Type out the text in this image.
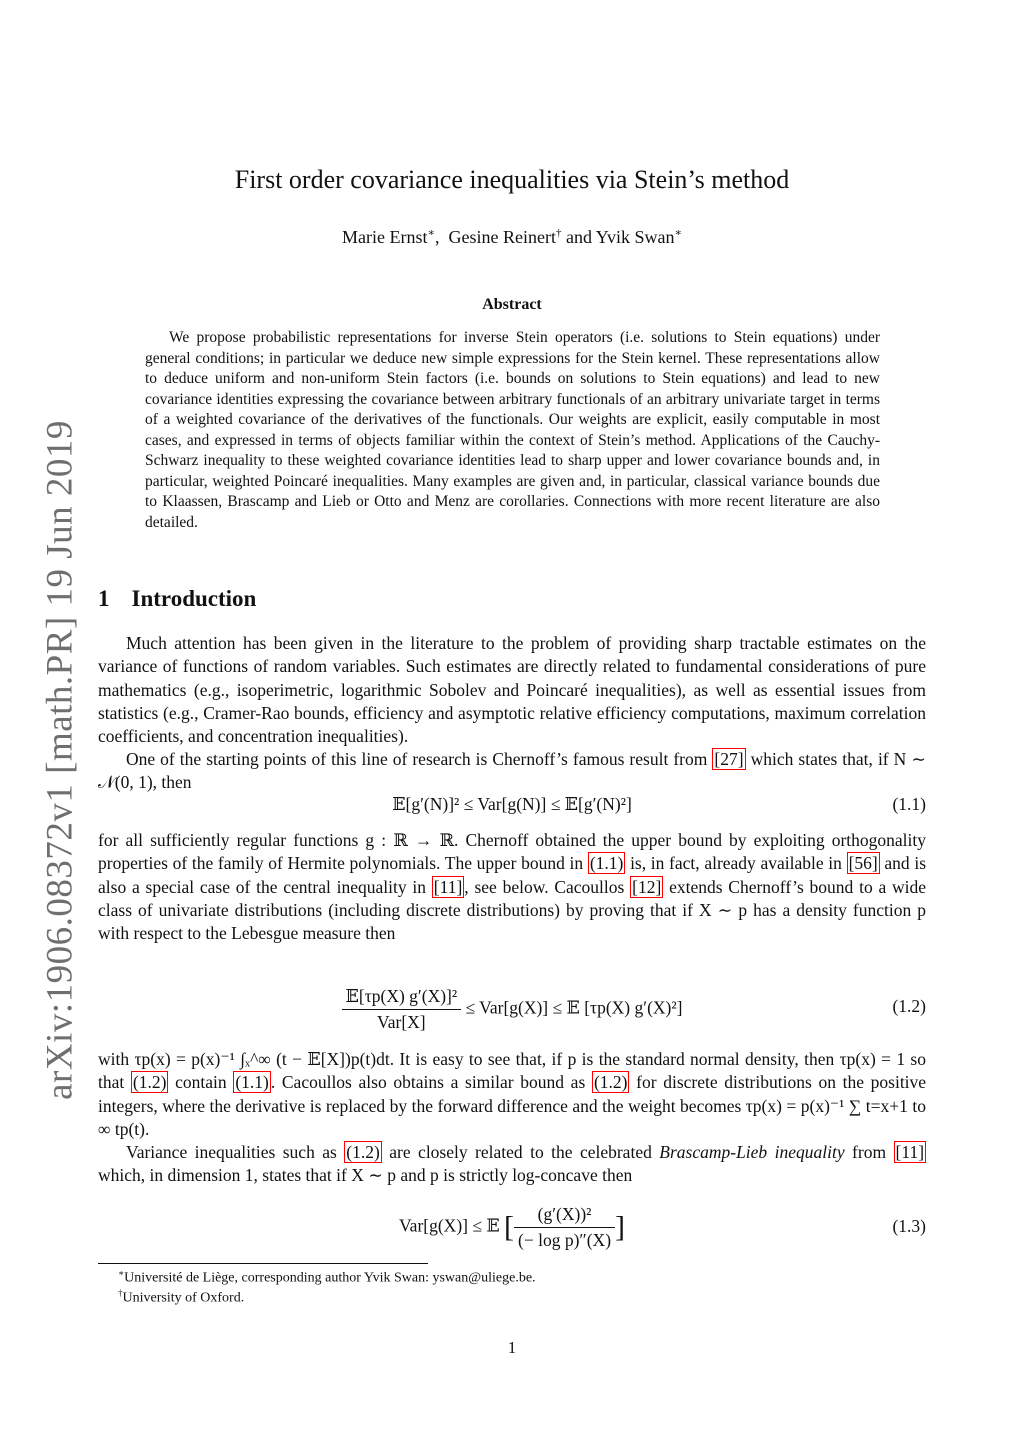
arXiv:1906.08372v1 [math.PR] 19 Jun 2019
First order covariance inequalities via Stein’s method
Marie Ernst∗,  Gesine Reinert† and Yvik Swan∗
Abstract

We propose probabilistic representations for inverse Stein operators (i.e. solutions to Stein equations) under general conditions; in particular we deduce new simple expressions for the Stein kernel. These representations allow to deduce uniform and non-uniform Stein factors (i.e. bounds on solutions to Stein equations) and lead to new covariance identities expressing the covariance between arbitrary functionals of an arbitrary univariate target in terms of a weighted covariance of the derivatives of the functionals. Our weights are explicit, easily computable in most cases, and expressed in terms of objects familiar within the context of Stein’s method. Applications of the Cauchy-Schwarz inequality to these weighted covariance identities lead to sharp upper and lower covariance bounds and, in particular, weighted Poincaré inequalities. Many examples are given and, in particular, classical variance bounds due to Klaassen, Brascamp and Lieb or Otto and Menz are corollaries. Connections with more recent literature are also detailed.

1 Introduction

Much attention has been given in the literature to the problem of providing sharp tractable estimates on the variance of functions of random variables. Such estimates are directly related to fundamental considerations of pure mathematics (e.g., isoperimetric, logarithmic Sobolev and Poincaré inequalities), as well as essential issues from statistics (e.g., Cramer-Rao bounds, efficiency and asymptotic relative efficiency computations, maximum correlation coefficients, and concentration inequalities).

One of the starting points of this line of research is Chernoff’s famous result from [27] which states that, if N ∼ 𝒩(0, 1), then

𝔼[g′(N)]² ≤ Var[g(N)] ≤ 𝔼[g′(N)²]	(1.1)

for all sufficiently regular functions g : ℝ → ℝ. Chernoff obtained the upper bound by exploiting orthogonality properties of the family of Hermite polynomials. The upper bound in (1.1) is, in fact, already available in [56] and is also a special case of the central inequality in [11] , see below. Cacoullos [12] extends Chernoff’s bound to a wide class of univariate distributions (including discrete distributions) by proving that if X ∼ p has a density function p with respect to the Lebesgue measure then

$\frac{\text{𝔼[τp(X) g′(X)]²}}{\text{Var[X]}} \le Var[g(X)]$ ≤ 𝔼 [τp(X) g′(X)²]	(1.2)

with τp(x) = p(x)⁻¹ ∫ₓ^∞ (t − 𝔼[X])p(t)dt. It is easy to see that, if p is the standard normal density, then τp(x) = 1 so that (1.2) contain (1.1) . Cacoullos also obtains a similar bound as (1.2) for discrete distributions on the positive integers, where the derivative is replaced by the forward difference and the weight becomes τp(x) = p(x)⁻¹ ∑ t=x+1 to ∞ tp(t).

Variance inequalities such as (1.2) are closely related to the celebrated Brascamp-Lieb inequality from [11] which, in dimension 1, states that if X ∼ p and p is strictly log-concave then

Var[g(X)] ≤ 𝔼 [ $\frac{\text{(g′(X))²}}{\text{(− log p)″(X)}}$ ]	(1.3)
∗Université de Liège, corresponding author Yvik Swan: yswan@uliege.be.
†University of Oxford.
1
